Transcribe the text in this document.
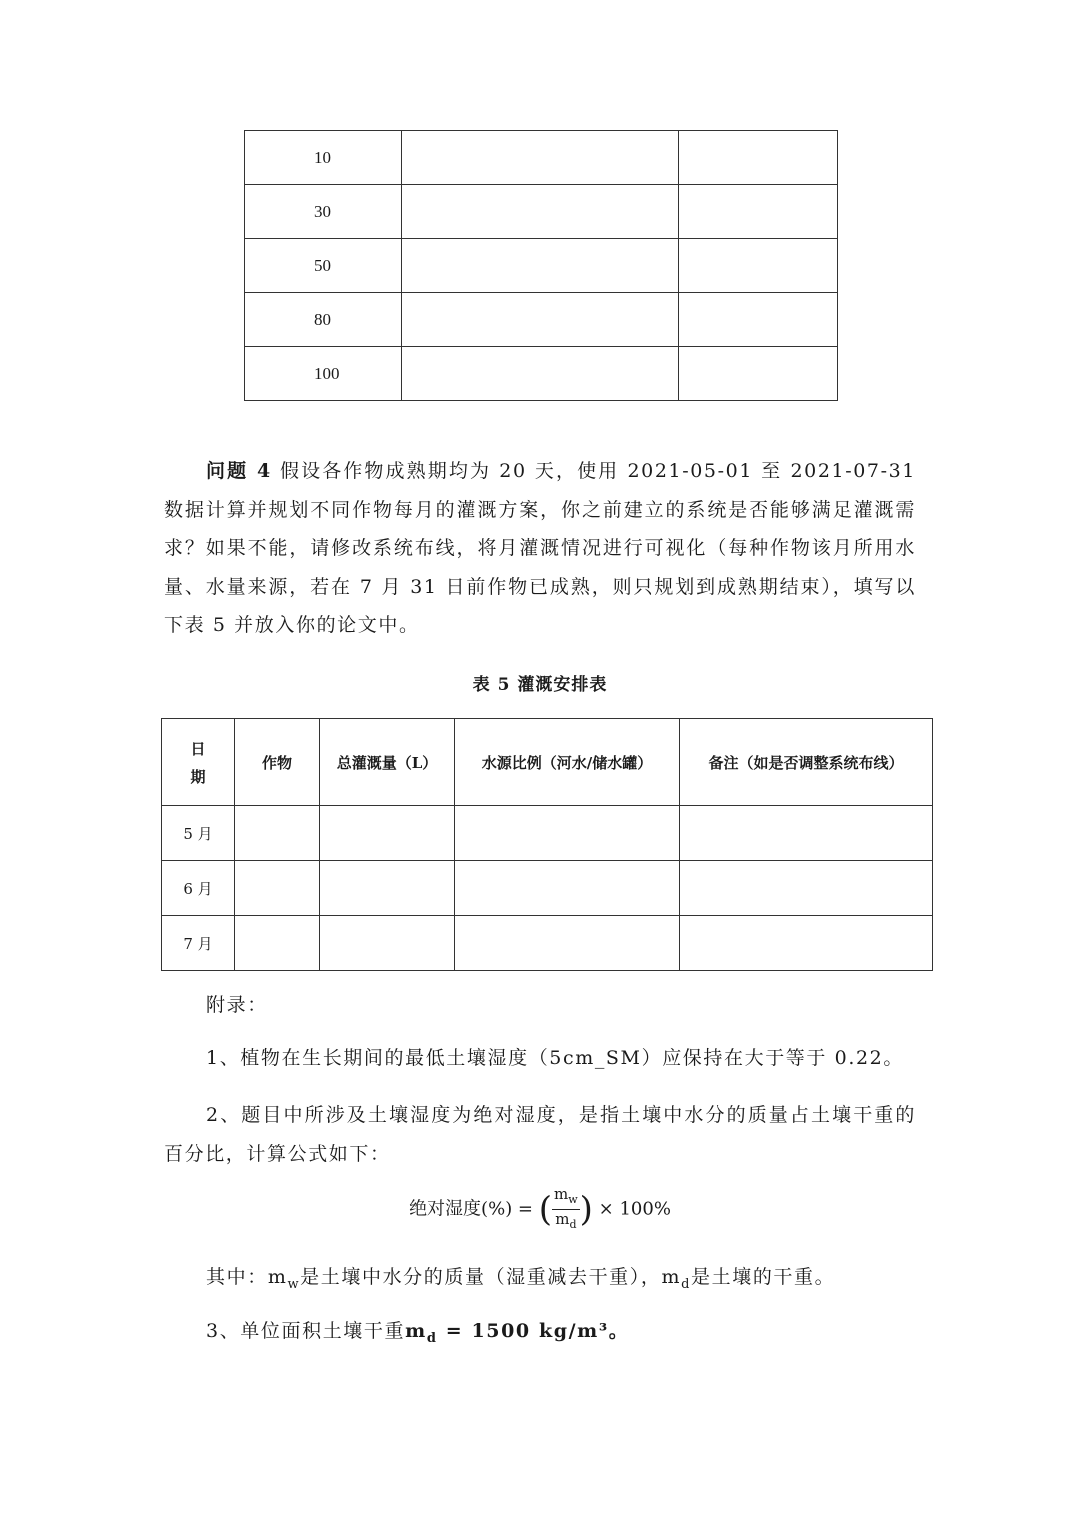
10		
30		
50		
80		
100		

问题 4 假设各作物成熟期均为 20 天，使用 2021-05-01 至 2021-07-31 数据计算并规划不同作物每月的灌溉方案，你之前建立的系统是否能够满足灌溉需求？如果不能，请修改系统布线，将月灌溉情况进行可视化（每种作物该月所用水量、水量来源，若在 7 月 31 日前作物已成熟，则只规划到成熟期结束），填写以下表 5 并放入你的论文中。

表 5 灌溉安排表
日
期	作物	总灌溉量（L）	水源比例（河水/储水罐）	备注（如是否调整系统布线）
5 月				
6 月				
7 月				

附录：

1、植物在生长期间的最低土壤湿度（5cm_SM）应保持在大于等于 0.22。

2、题目中所涉及土壤湿度为绝对湿度，是指土壤中水分的质量占土壤干重的百分比，计算公式如下：

绝对湿度(%) = ( $\frac{m_w}{m_d}$ ) × 100%

其中：$m_w$是土壤中水分的质量（湿重减去干重），$m_d$是土壤的干重。

3、单位面积土壤干重$m_d = 1500$ kg/m³。
